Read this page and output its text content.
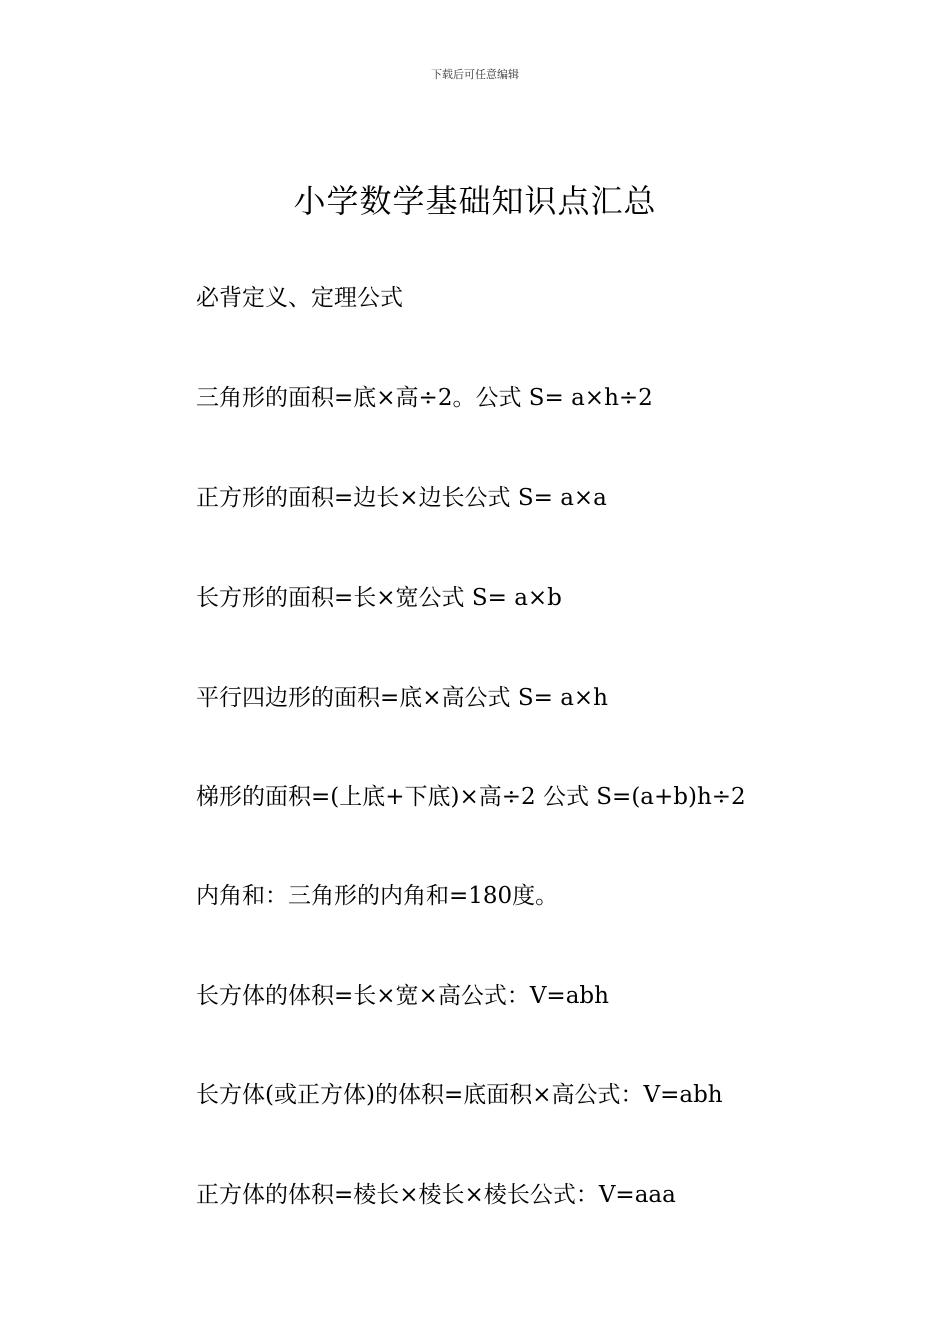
下载后可任意编辑
小学数学基础知识点汇总
必背定义、定理公式
三角形的面积=底×高÷2。公式 S= a×h÷2
正方形的面积=边长×边长公式 S= a×a
长方形的面积=长×宽公式 S= a×b
平行四边形的面积=底×高公式 S= a×h
梯形的面积=(上底+下底)×高÷2 公式 S=(a+b)h÷2
内角和：三角形的内角和=180度。
长方体的体积=长×宽×高公式：V=abh
长方体(或正方体)的体积=底面积×高公式：V=abh
正方体的体积=棱长×棱长×棱长公式：V=aaa
